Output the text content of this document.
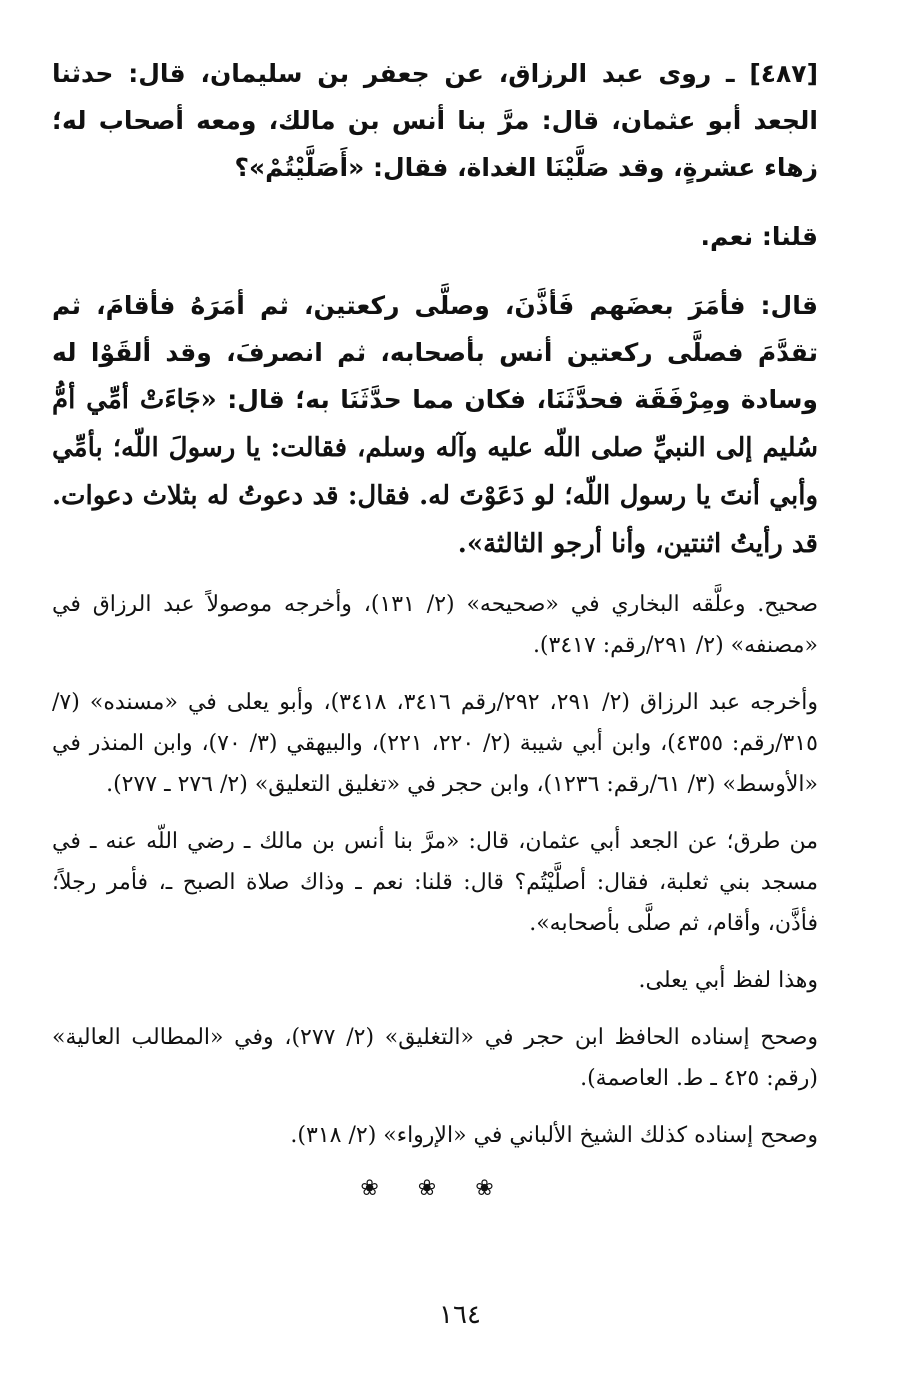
[٤٨٧] ـ روى عبد الرزاق، عن جعفر بن سليمان، قال: حدثنا الجعد أبو عثمان، قال: مرَّ بنا أنس بن مالك، ومعه أصحاب له؛ زهاء عشرةٍ، وقد صَلَّيْنَا الغداة، فقال: «أَصَلَّيْتُمْ»؟

قلنا: نعم.

قال: فأمَرَ بعضَهم فَأذَّنَ، وصلَّى ركعتين، ثم أمَرَهُ فأقامَ، ثم تقدَّمَ فصلَّى ركعتين أنس بأصحابه، ثم انصرفَ، وقد ألقَوْا له وسادة ومِرْفَقَة فحدَّثَنَا، فكان مما حدَّثَنَا به؛ قال: «جَاءَتْ أمِّي أمُّ سُليم إلى النبيِّ صلى اللّه عليه وآله وسلم، فقالت: يا رسولَ اللّه؛ بأمِّي وأبي أنتَ يا رسول اللّه؛ لو دَعَوْتَ له. فقال: قد دعوتُ له بثلاث دعوات. قد رأيتُ اثنتين، وأنا أرجو الثالثة».

صحيح. وعلَّقه البخاري في «صحيحه» (٢/ ١٣١)، وأخرجه موصولاً عبد الرزاق في «مصنفه» (٢/ ٢٩١/رقم: ٣٤١٧).

وأخرجه عبد الرزاق (٢/ ٢٩١، ٢٩٢/رقم ٣٤١٦، ٣٤١٨)، وأبو يعلى في «مسنده» (٧/ ٣١٥/رقم: ٤٣٥٥)، وابن أبي شيبة (٢/ ٢٢٠، ٢٢١)، والبيهقي (٣/ ٧٠)، وابن المنذر في «الأوسط» (٣/ ٦١/رقم: ١٢٣٦)، وابن حجر في «تغليق التعليق» (٢/ ٢٧٦ ـ ٢٧٧).

من طرق؛ عن الجعد أبي عثمان، قال: «مرَّ بنا أنس بن مالك ـ رضي اللّه عنه ـ في مسجد بني ثعلبة، فقال: أصلَّيْتُم؟ قال: قلنا: نعم ـ وذاك صلاة الصبح ـ، فأمر رجلاً؛ فأذَّن، وأقام، ثم صلَّى بأصحابه».

وهذا لفظ أبي يعلى.

وصحح إسناده الحافظ ابن حجر في «التغليق» (٢/ ٢٧٧)، وفي «المطالب العالية» (رقم: ٤٢٥ ـ ط. العاصمة).

وصحح إسناده كذلك الشيخ الألباني في «الإرواء» (٢/ ٣١٨).

❀ ❀ ❀
١٦٤
